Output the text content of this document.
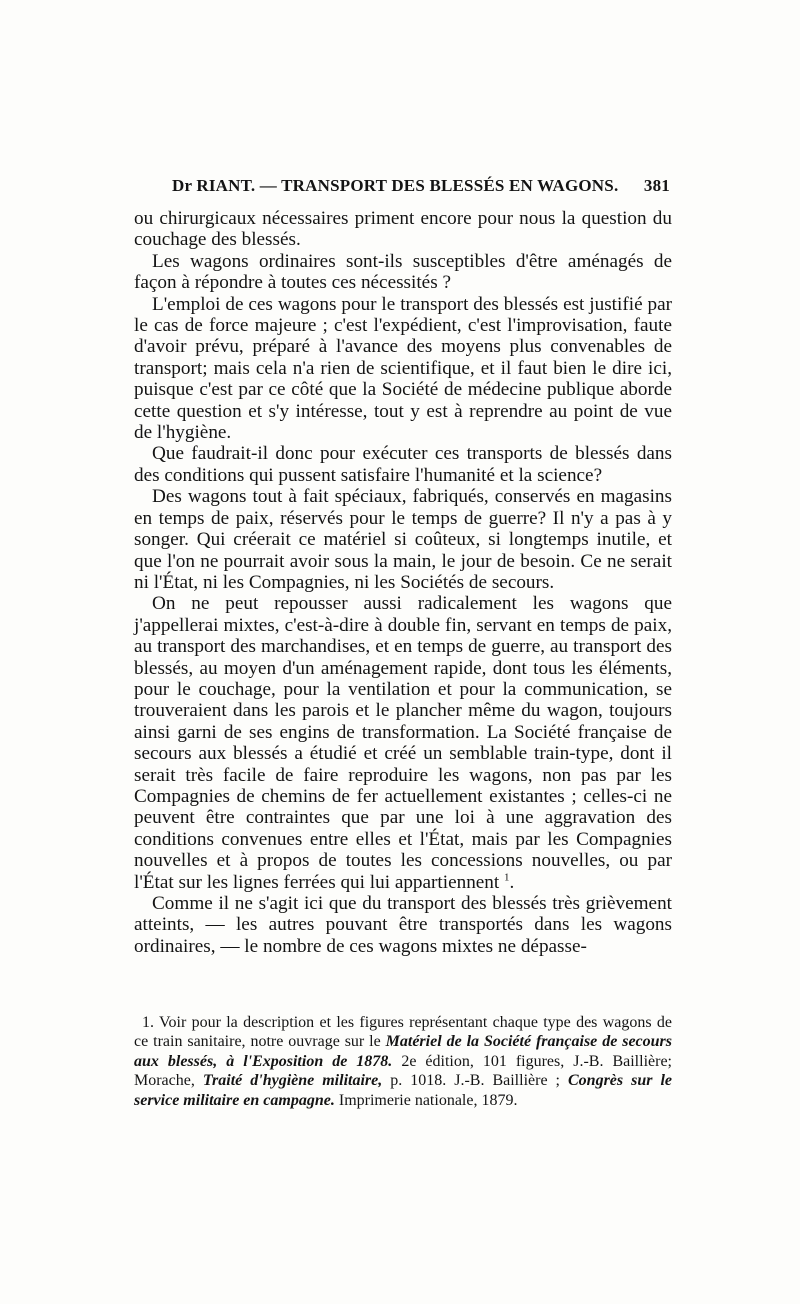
Dr RIANT. — TRANSPORT DES BLESSÉS EN WAGONS. 381

ou chirurgicaux nécessaires priment encore pour nous la question du couchage des blessés.

Les wagons ordinaires sont-ils susceptibles d'être aménagés de façon à répondre à toutes ces nécessités ?

L'emploi de ces wagons pour le transport des blessés est justifié par le cas de force majeure ; c'est l'expédient, c'est l'improvisation, faute d'avoir prévu, préparé à l'avance des moyens plus convenables de transport; mais cela n'a rien de scientifique, et il faut bien le dire ici, puisque c'est par ce côté que la Société de médecine publique aborde cette question et s'y intéresse, tout y est à reprendre au point de vue de l'hygiène.

Que faudrait-il donc pour exécuter ces transports de blessés dans des conditions qui pussent satisfaire l'humanité et la science?

Des wagons tout à fait spéciaux, fabriqués, conservés en magasins en temps de paix, réservés pour le temps de guerre? Il n'y a pas à y songer. Qui créerait ce matériel si coûteux, si longtemps inutile, et que l'on ne pourrait avoir sous la main, le jour de besoin. Ce ne serait ni l'État, ni les Compagnies, ni les Sociétés de secours.

On ne peut repousser aussi radicalement les wagons que j'appellerai mixtes, c'est-à-dire à double fin, servant en temps de paix, au transport des marchandises, et en temps de guerre, au transport des blessés, au moyen d'un aménagement rapide, dont tous les éléments, pour le couchage, pour la ventilation et pour la communication, se trouveraient dans les parois et le plancher même du wagon, toujours ainsi garni de ses engins de transformation. La Société française de secours aux blessés a étudié et créé un semblable train-type, dont il serait très facile de faire reproduire les wagons, non pas par les Compagnies de chemins de fer actuellement existantes ; celles-ci ne peuvent être contraintes que par une loi à une aggravation des conditions convenues entre elles et l'État, mais par les Compagnies nouvelles et à propos de toutes les concessions nouvelles, ou par l'État sur les lignes ferrées qui lui appartiennent $^1$.

Comme il ne s'agit ici que du transport des blessés très grièvement atteints, — les autres pouvant être transportés dans les wagons ordinaires, — le nombre de ces wagons mixtes ne dépasse-

1. Voir pour la description et les figures représentant chaque type des wagons de ce train sanitaire, notre ouvrage sur le Matériel de la Société française de secours aux blessés, à l'Exposition de 1878. 2e édition, 101 figures, J.-B. Baillière; Morache, Traité d'hygiène militaire, p. 1018. J.-B. Baillière ; Congrès sur le service militaire en campagne. Imprimerie nationale, 1879.
